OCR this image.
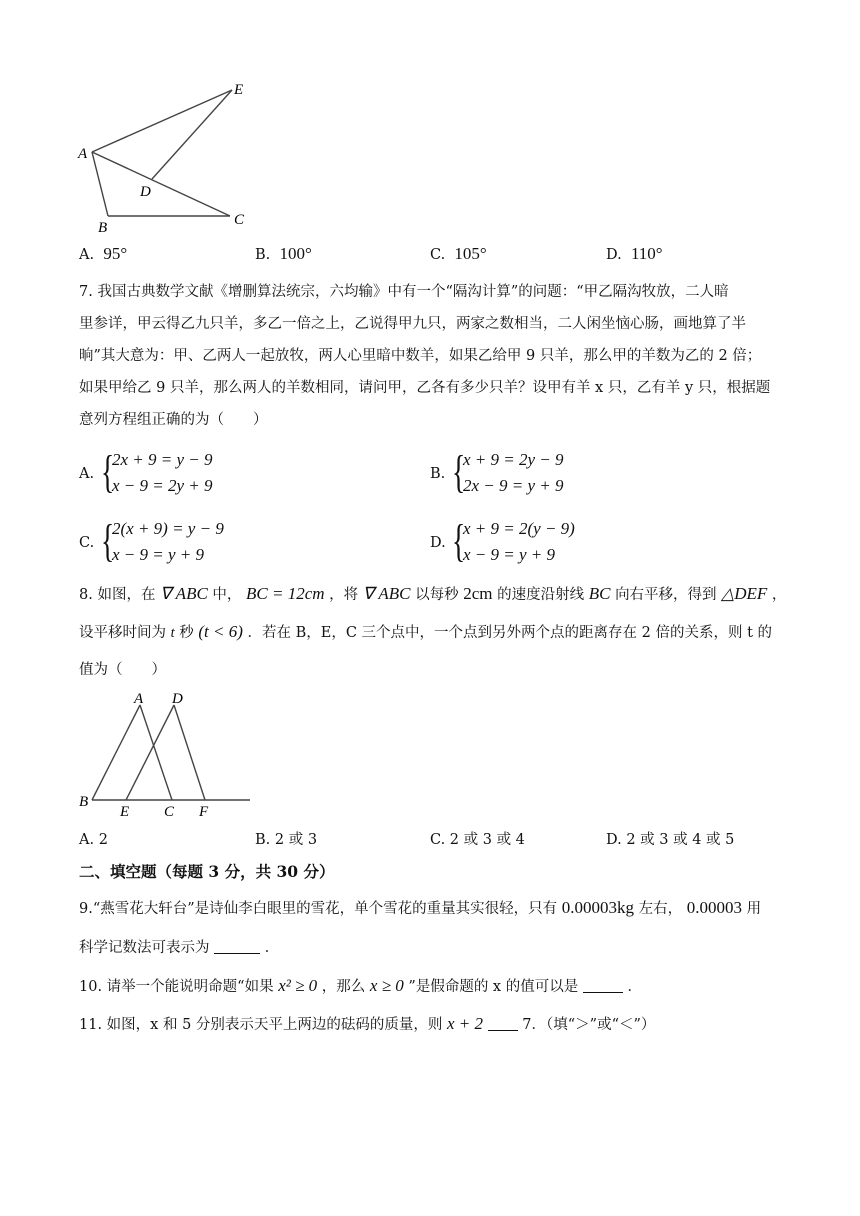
A
B	C
D
E
A. 95°	B. 100°	C. 105°	D. 110°
7. 我国古典数学文献《增删算法统宗，六均输》中有一个“隔沟计算”的问题：“甲乙隔沟牧放，二人暗
里参详，甲云得乙九只羊，多乙一倍之上，乙说得甲九只，两家之数相当，二人闲坐恼心肠，画地算了半
晌”其大意为：甲、乙两人一起放牧，两人心里暗中数羊，如果乙给甲 9 只羊，那么甲的羊数为乙的 2 倍；
如果甲给乙 9 只羊，那么两人的羊数相同，请问甲，乙各有多少只羊？设甲有羊 x 只，乙有羊 y 只，根据题
意列方程组正确的为（　　）
A. {
2x + 9 = y − 9
x − 9 = 2y + 9
B. {
x + 9 = 2y − 9
2x − 9 = y + 9
C. {
2(x + 9) = y − 9
x − 9 = y + 9
D. {
x + 9 = 2(y − 9)
x − 9 = y + 9
8. 如图，在 ∇ ABC 中， BC = 12cm ，将 ∇ ABC 以每秒 2cm 的速度沿射线 BC 向右平移，得到 △DEF ，
设平移时间为 t 秒 (t < 6) ．若在 B，E，C 三个点中，一个点到另外两个点的距离存在 2 倍的关系，则 t 的
值为（　　）
A D
B
E C F
A. 2	B. 2 或 3	C. 2 或 3 或 4	D. 2 或 3 或 4 或 5
二、填空题（每题 3 分，共 30 分）
9.“燕雪花大轩台”是诗仙李白眼里的雪花，单个雪花的重量其实很轻，只有 0.00003kg 左右， 0.00003 用
科学记数法可表示为	．
10. 请举一个能说明命题“如果 x² ≥ 0 ，那么 x ≥ 0 ”是假命题的 x 的值可以是	．
11. 如图，x 和 5 分别表示天平上两边的砝码的质量，则 x + 2	7．（填“＞”或“＜”）
